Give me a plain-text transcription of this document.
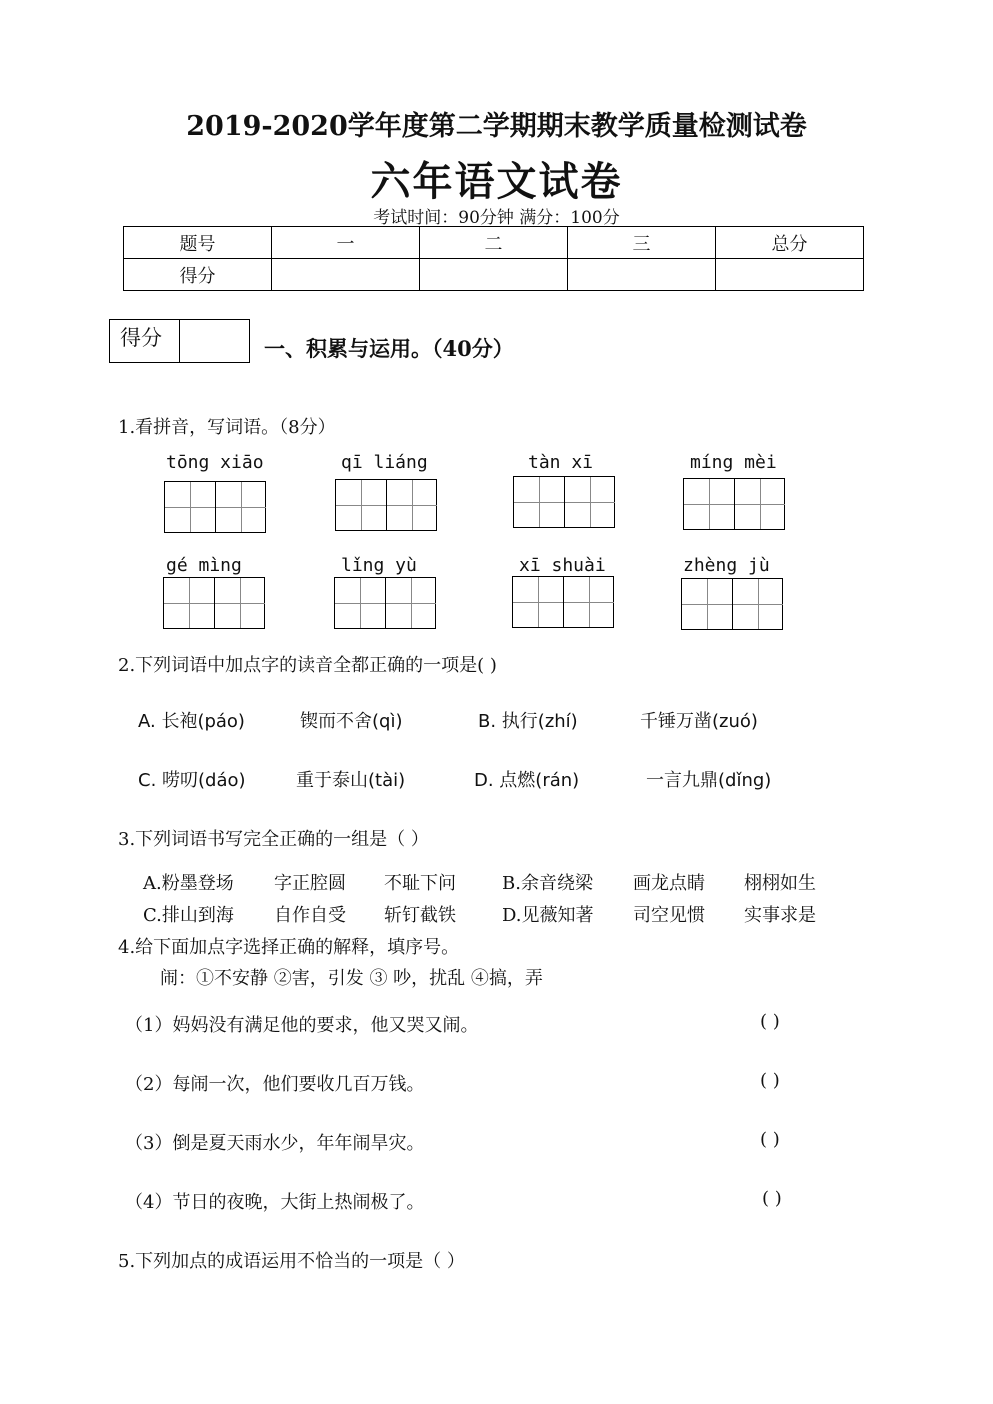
2019-2020学年度第二学期期末教学质量检测试卷
六年语文试卷
考试时间：90分钟 满分：100分
题号	一	二	三	总分
得分				
得分	一、积累与运用。（40分）
1.看拼音，写词语。（8分）
tōng xiāo	qī liáng	tàn xī	míng mèi
gé mìng	lǐng yù	xī shuài	zhèng jù
2.下列词语中加点字的读音全都正确的一项是( )
A. 长袍(páo)	锲而不舍(qì)	B. 执行(zhí)	千锤万凿(zuó)
C. 唠叨(dáo)	重于泰山(tài)	D. 点燃(rán)	一言九鼎(dǐng)
3.下列词语书写完全正确的一组是（ ）
A.粉墨登场 字正腔圆 不耻下问	B.余音绕梁 画龙点睛 栩栩如生
C.排山到海 自作自受 斩钉截铁	D.见薇知著 司空见惯 实事求是
4.给下面加点字选择正确的解释，填序号。
闹：①不安静 ②害，引发 ③ 吵，扰乱 ④搞，弄
（1）妈妈没有满足他的要求，他又哭又闹。	( )
（2）每闹一次，他们要收几百万钱。	( )
（3）倒是夏天雨水少，年年闹旱灾。	( )
（4）节日的夜晚，大街上热闹极了。	( )
5.下列加点的成语运用不恰当的一项是（ ）
